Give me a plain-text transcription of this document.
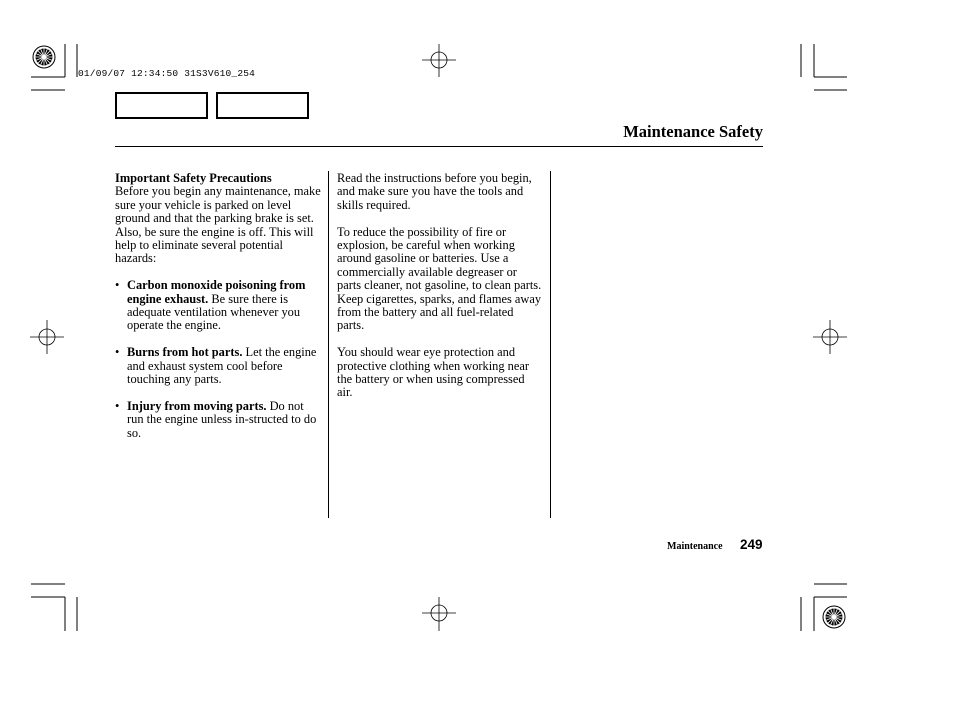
01/09/07 12:34:50 31S3V610_254
Maintenance Safety
Important Safety Precautions

Before you begin any maintenance, make sure your vehicle is parked on level ground and that the parking brake is set. Also, be sure the engine is off. This will help to eliminate several potential hazards:

• Carbon monoxide poisoning from engine exhaust. Be sure there is adequate ventilation whenever you operate the engine.
• Burns from hot parts. Let the engine and exhaust system cool before touching any parts.
• Injury from moving parts. Do not run the engine unless in-structed to do so.

Read the instructions before you begin, and make sure you have the tools and skills required.

To reduce the possibility of fire or explosion, be careful when working around gasoline or batteries. Use a commercially available degreaser or parts cleaner, not gasoline, to clean parts. Keep cigarettes, sparks, and flames away from the battery and all fuel-related parts.

You should wear eye protection and protective clothing when working near the battery or when using compressed air.

Maintenance 249
